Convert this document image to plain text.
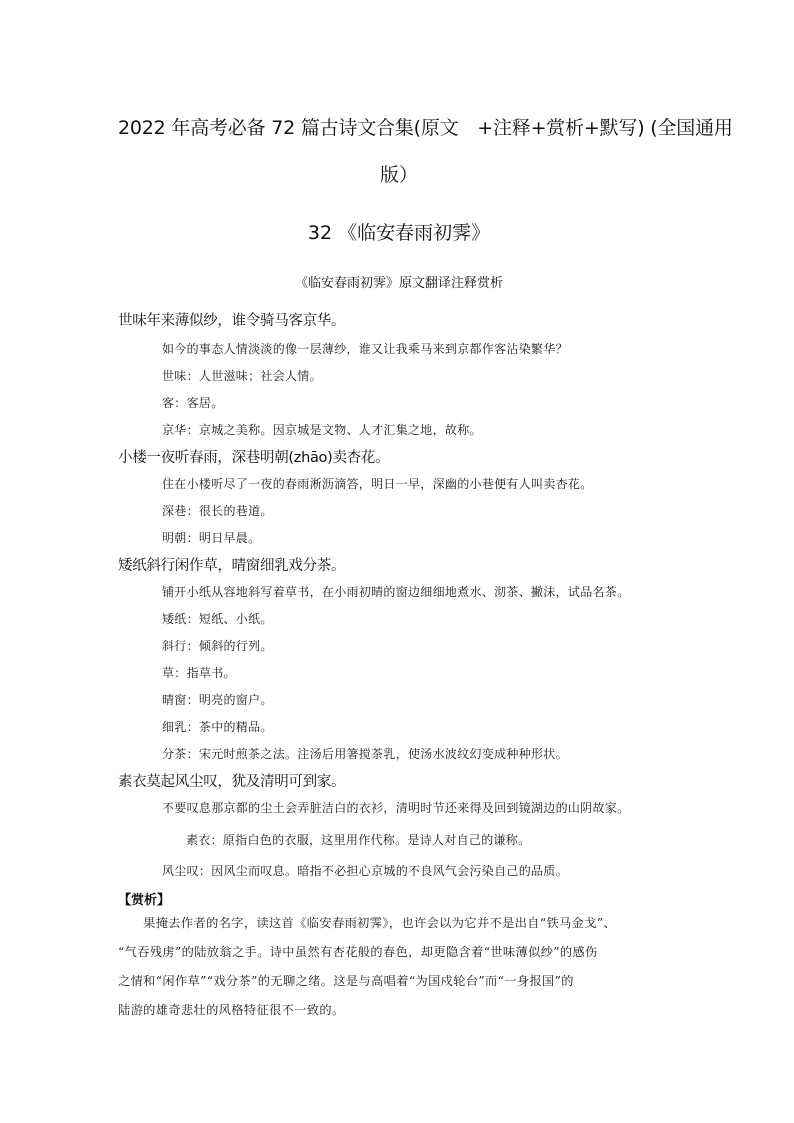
2022 年高考必备 72 篇古诗文合集(原文　+注释+赏析+默写) (全国通用
版）
32 《临安春雨初霁》
《临安春雨初霁》原文翻译注释赏析
世味年来薄似纱，谁令骑马客京华。
如今的事态人情淡淡的像一层薄纱，谁又让我乘马来到京都作客沾染繁华？
世味：人世滋味；社会人情。
客：客居。
京华：京城之美称。因京城是文物、人才汇集之地，故称。
小楼一夜听春雨，深巷明朝(zhāo)卖杏花。
住在小楼听尽了一夜的春雨淅沥滴答，明日一早，深幽的小巷便有人叫卖杏花。
深巷：很长的巷道。
明朝：明日早晨。
矮纸斜行闲作草，晴窗细乳戏分茶。
铺开小纸从容地斜写着草书，在小雨初晴的窗边细细地煮水、沏茶、撇沫，试品名茶。
矮纸：短纸、小纸。
斜行：倾斜的行列。
草：指草书。
晴窗：明亮的窗户。
细乳：茶中的精品。
分茶：宋元时煎茶之法。注汤后用箸搅茶乳，使汤水波纹幻变成种种形状。
素衣莫起风尘叹，犹及清明可到家。
不要叹息那京都的尘土会弄脏洁白的衣衫，清明时节还来得及回到镜湖边的山阴故家。
素衣：原指白色的衣服，这里用作代称。是诗人对自己的谦称。
风尘叹：因风尘而叹息。暗指不必担心京城的不良风气会污染自己的品质。
【赏析】
　　果掩去作者的名字，读这首《临安春雨初霁》，也许会以为它并不是出自“铁马金戈”、
“气吞残虏”的陆放翁之手。诗中虽然有杏花般的春色，却更隐含着“世味薄似纱”的感伤
之情和“闲作草”“戏分茶”的无聊之绪。这是与高唱着“为国戍轮台”而“一身报国”的
陆游的雄奇悲壮的风格特征很不一致的。
